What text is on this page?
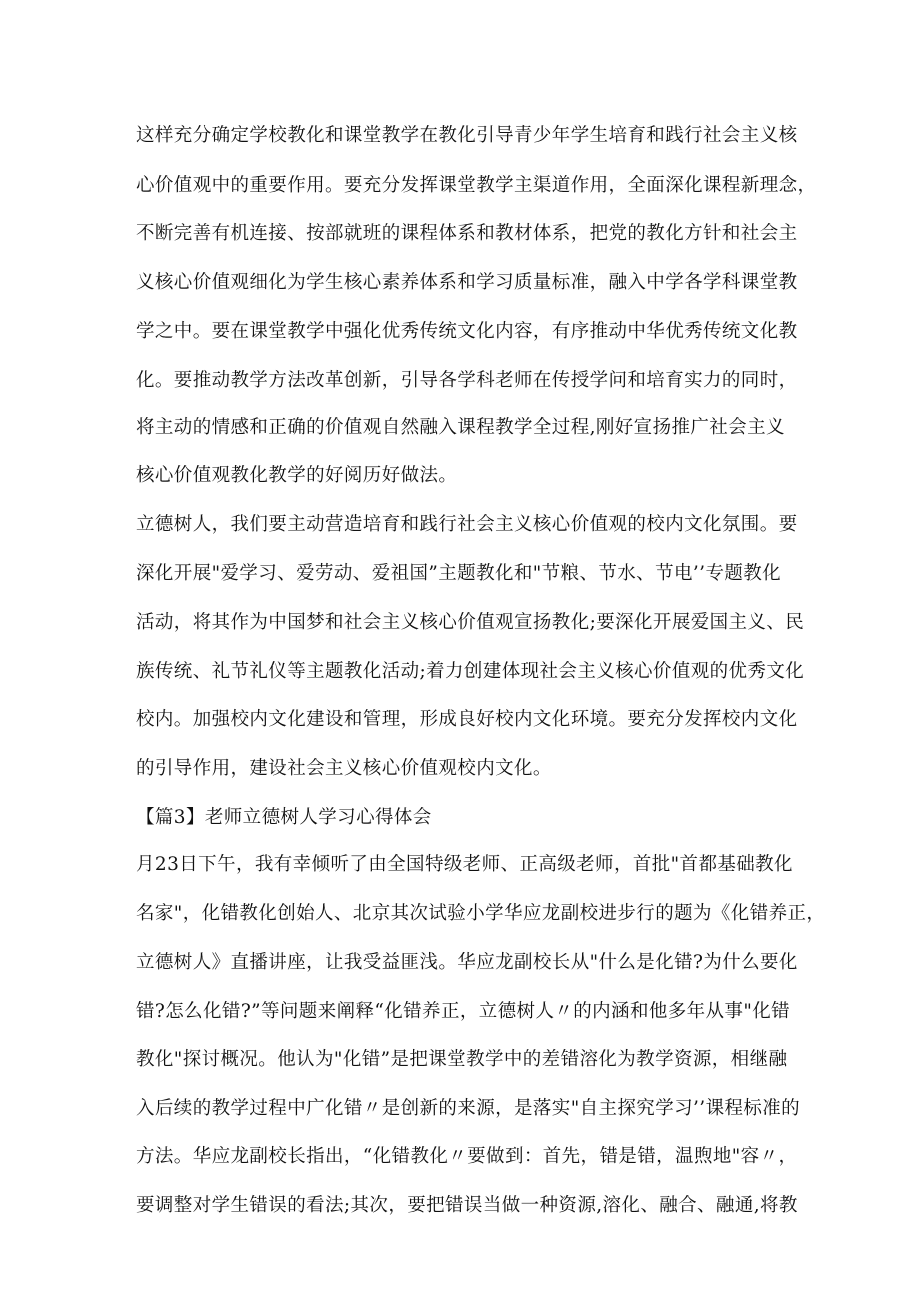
这样充分确定学校教化和课堂教学在教化引导青少年学生培育和践行社会主义核
心价值观中的重要作用。要充分发挥课堂教学主渠道作用，全面深化课程新理念，
不断完善有机连接、按部就班的课程体系和教材体系，把党的教化方针和社会主
义核心价值观细化为学生核心素养体系和学习质量标准，融入中学各学科课堂教
学之中。要在课堂教学中强化优秀传统文化内容，有序推动中华优秀传统文化教
化。要推动教学方法改革创新，引导各学科老师在传授学问和培育实力的同时，
将主动的情感和正确的价值观自然融入课程教学全过程,刚好宣扬推广社会主义
核心价值观教化教学的好阅历好做法。
立德树人，我们要主动营造培育和践行社会主义核心价值观的校内文化氛围。要
深化开展"爱学习、爱劳动、爱祖国”主题教化和"节粮、节水、节电’’专题教化
活动，将其作为中国梦和社会主义核心价值观宣扬教化;要深化开展爱国主义、民
族传统、礼节礼仪等主题教化活动;着力创建体现社会主义核心价值观的优秀文化
校内。加强校内文化建设和管理，形成良好校内文化环境。要充分发挥校内文化
的引导作用，建设社会主义核心价值观校内文化。
【篇3】老师立德树人学习心得体会
月23日下午，我有幸倾听了由全国特级老师、正高级老师，首批"首都基础教化
名家"，化错教化创始人、北京其次试验小学华应龙副校进步行的题为《化错养正，
立德树人》直播讲座，让我受益匪浅。华应龙副校长从"什么是化错?为什么要化
错?怎么化错?”等问题来阐释“化错养正，立德树人〃的内涵和他多年从事"化错
教化"探讨概况。他认为"化错”是把课堂教学中的差错溶化为教学资源，相继融
入后续的教学过程中广化错〃是创新的来源，是落实"自主探究学习’’课程标准的
方法。华应龙副校长指出，“化错教化〃要做到：首先，错是错，温煦地"容〃，
要调整对学生错误的看法;其次，要把错误当做一种资源,溶化、融合、融通,将教
